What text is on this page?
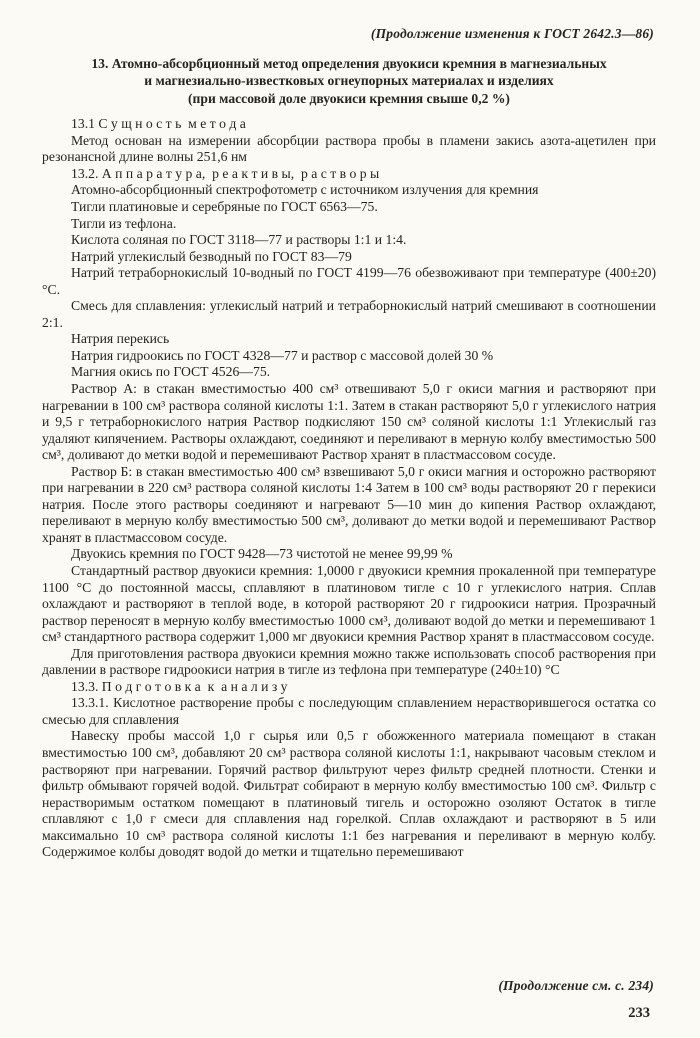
(Продолжение изменения к ГОСТ 2642.3—86)
13. Атомно-абсорбционный метод определения двуокиси кремния в магнезиальных
и магнезиально-известковых огнеупорных материалах и изделиях
(при массовой доле двуокиси кремния свыше 0,2 %)

13.1 С у щ н о с т ь  м е т о д а

Метод основан на измерении абсорбции раствора пробы в пламени закись азота-ацетилен при резонансной длине волны 251,6 нм

13.2. А п п а р а т у р а,  р е а к т и в ы,  р а с т в о р ы

Атомно-абсорбционный спектрофотометр с источником излучения для кремния

Тигли платиновые и серебряные по ГОСТ 6563—75.

Тигли из тефлона.

Кислота соляная по ГОСТ 3118—77 и растворы 1:1 и 1:4.

Натрий углекислый безводный по ГОСТ 83—79

Натрий тетраборнокислый 10-водный по ГОСТ 4199—76 обезвоживают при температуре (400±20) °С.

Смесь для сплавления: углекислый натрий и тетраборнокислый натрий смешивают в соотношении 2:1.

Натрия перекись

Натрия гидроокись по ГОСТ 4328—77 и раствор с массовой долей 30 %

Магния окись по ГОСТ 4526—75.

Раствор А: в стакан вместимостью 400 см³ отвешивают 5,0 г окиси магния и растворяют при нагревании в 100 см³ раствора соляной кислоты 1:1. Затем в стакан растворяют 5,0 г углекислого натрия и 9,5 г тетраборнокислого натрия Раствор подкисляют 150 см³ соляной кислоты 1:1 Углекислый газ удаляют кипячением. Растворы охлаждают, соединяют и переливают в мерную колбу вместимостью 500 см³, доливают до метки водой и перемешивают Раствор хранят в пластмассовом сосуде.

Раствор Б: в стакан вместимостью 400 см³ взвешивают 5,0 г окиси магния и осторожно растворяют при нагревании в 220 см³ раствора соляной кислоты 1:4 Затем в 100 см³ воды растворяют 20 г перекиси натрия. После этого растворы соединяют и нагревают 5—10 мин до кипения Раствор охлаждают, переливают в мерную колбу вместимостью 500 см³, доливают до метки водой и перемешивают Раствор хранят в пластмассовом сосуде.

Двуокись кремния по ГОСТ 9428—73 чистотой не менее 99,99 %

Стандартный раствор двуокиси кремния: 1,0000 г двуокиси кремния прокаленной при температуре 1100 °С до постоянной массы, сплавляют в платиновом тигле с 10 г углекислого натрия. Сплав охлаждают и растворяют в теплой воде, в которой растворяют 20 г гидроокиси натрия. Прозрачный раствор переносят в мерную колбу вместимостью 1000 см³, доливают водой до метки и перемешивают 1 см³ стандартного раствора содержит 1,000 мг двуокиси кремния Раствор хранят в пластмассовом сосуде.

Для приготовления раствора двуокиси кремния можно также использовать способ растворения при давлении в растворе гидроокиси натрия в тигле из тефлона при температуре (240±10) °С

13.3. П о д г о т о в к а  к  а н а л и з у

13.3.1. Кислотное растворение пробы с последующим сплавлением нерастворившегося остатка со смесью для сплавления

Навеску пробы массой 1,0 г сырья или 0,5 г обожженного материала помещают в стакан вместимостью 100 см³, добавляют 20 см³ раствора соляной кислоты 1:1, накрывают часовым стеклом и растворяют при нагревании. Горячий раствор фильтруют через фильтр средней плотности. Стенки и фильтр обмывают горячей водой. Фильтрат собирают в мерную колбу вместимостью 100 см³. Фильтр с нерастворимым остатком помещают в платиновый тигель и осторожно озоляют Остаток в тигле сплавляют с 1,0 г смеси для сплавления над горелкой. Сплав охлаждают и растворяют в 5 или максимально 10 см³ раствора соляной кислоты 1:1 без нагревания и переливают в мерную колбу. Содержимое колбы доводят водой до метки и тщательно перемешивают

(Продолжение см. с. 234)
233
